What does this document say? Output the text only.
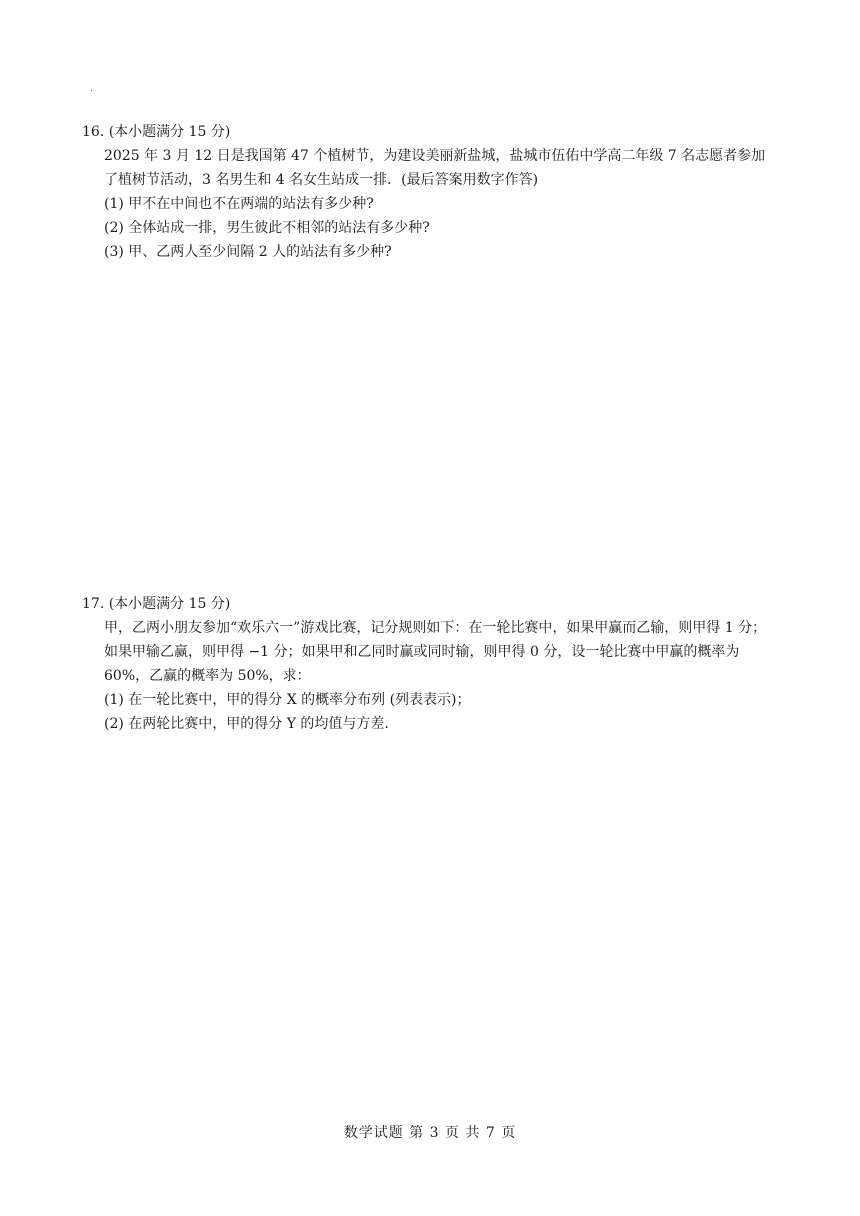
·
16. (本小题满分 15 分)
2025 年 3 月 12 日是我国第 47 个植树节，为建设美丽新盐城，盐城市伍佑中学高二年级 7 名志愿者参加
了植树节活动，3 名男生和 4 名女生站成一排．(最后答案用数字作答)
(1) 甲不在中间也不在两端的站法有多少种?
(2) 全体站成一排，男生彼此不相邻的站法有多少种?
(3) 甲、乙两人至少间隔 2 人的站法有多少种?
17. (本小题满分 15 分)
甲，乙两小朋友参加“欢乐六一”游戏比赛，记分规则如下：在一轮比赛中，如果甲赢而乙输，则甲得 1 分；
如果甲输乙赢，则甲得 −1 分；如果甲和乙同时赢或同时输，则甲得 0 分，设一轮比赛中甲赢的概率为
60%，乙赢的概率为 50%，求：
(1) 在一轮比赛中，甲的得分 X 的概率分布列 (列表表示)；
(2) 在两轮比赛中，甲的得分 Y 的均值与方差.
数学试题 第 3 页 共 7 页
